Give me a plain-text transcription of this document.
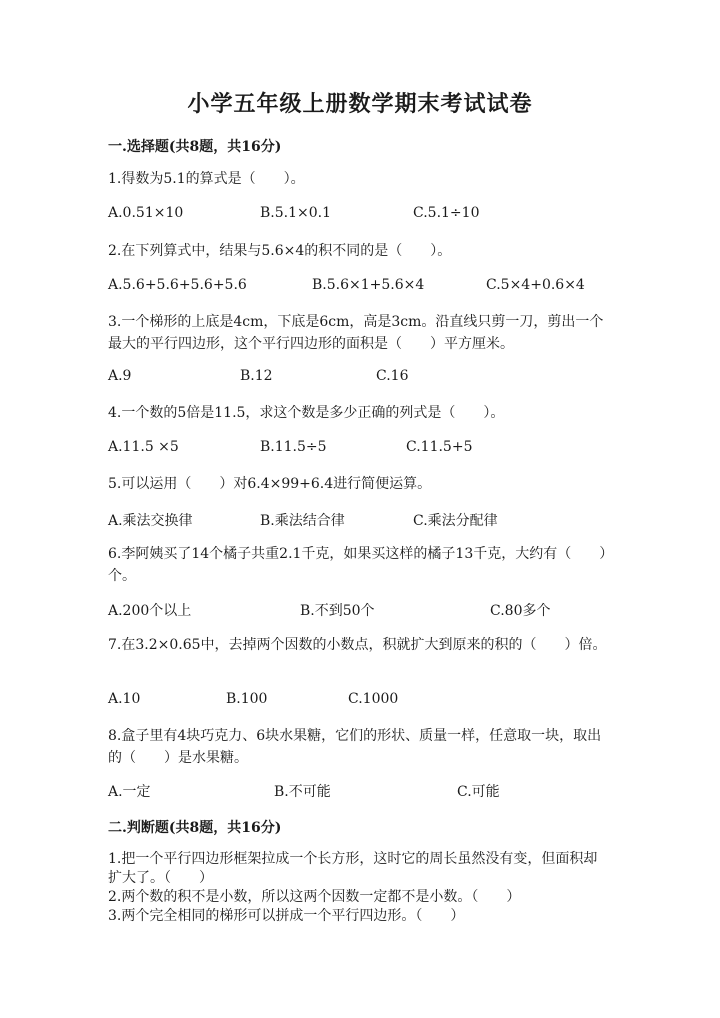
小学五年级上册数学期末考试试卷
一.选择题(共8题，共16分)
1.得数为5.1的算式是（　　）。
A.0.51×10	B.5.1×0.1	C.5.1÷10
2.在下列算式中，结果与5.6×4的积不同的是（　　）。
A.5.6+5.6+5.6+5.6	B.5.6×1+5.6×4	C.5×4+0.6×4
3.一个梯形的上底是4cm，下底是6cm，高是3cm。沿直线只剪一刀，剪出一个最大的平行四边形，这个平行四边形的面积是（　　）平方厘米。
A.9	B.12	C.16
4.一个数的5倍是11.5，求这个数是多少正确的列式是（　　）。
A.11.5 ×5	B.11.5÷5	C.11.5+5
5.可以运用（　　）对6.4×99+6.4进行简便运算。
A.乘法交换律	B.乘法结合律	C.乘法分配律
6.李阿姨买了14个橘子共重2.1千克，如果买这样的橘子13千克，大约有（　　）个。
A.200个以上	B.不到50个	C.80多个
7.在3.2×0.65中，去掉两个因数的小数点，积就扩大到原来的积的（　　）倍。
A.10	B.100	C.1000
8.盒子里有4块巧克力、6块水果糖，它们的形状、质量一样，任意取一块，取出的（　　）是水果糖。
A.一定	B.不可能	C.可能
二.判断题(共8题，共16分)
1.把一个平行四边形框架拉成一个长方形，这时它的周长虽然没有变，但面积却扩大了。（　　）
2.两个数的积不是小数，所以这两个因数一定都不是小数。（　　）
3.两个完全相同的梯形可以拼成一个平行四边形。（　　）
